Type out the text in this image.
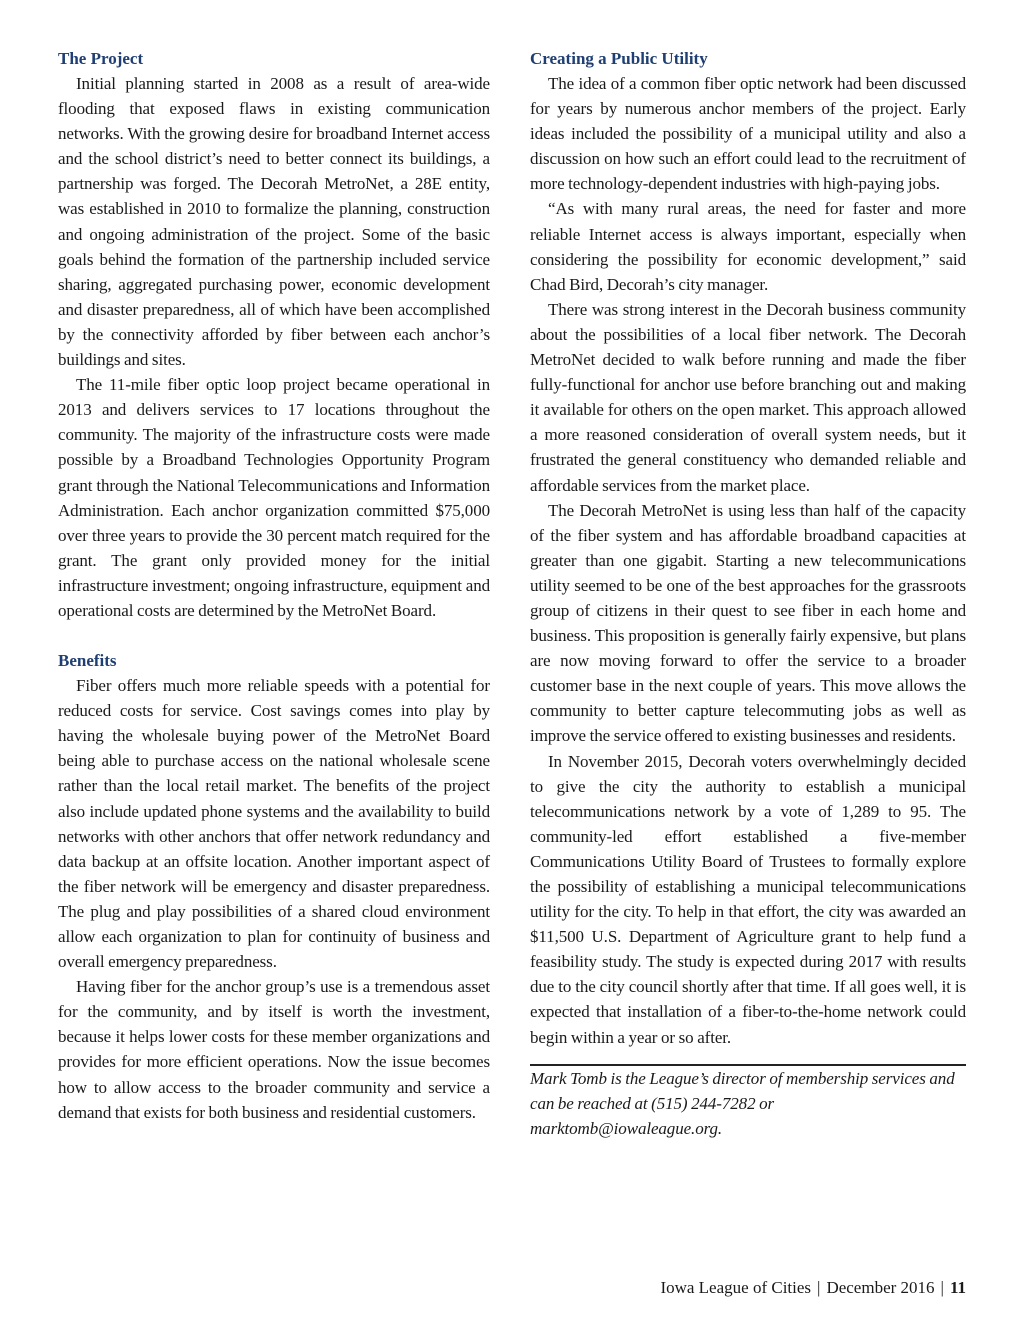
The Project

Initial planning started in 2008 as a result of area-wide flooding that exposed flaws in existing communication networks. With the growing desire for broadband Internet access and the school district’s need to better connect its buildings, a partnership was forged. The Decorah MetroNet, a 28E entity, was established in 2010 to formalize the planning, construction and ongoing administration of the project. Some of the basic goals behind the formation of the partnership included service sharing, aggregated purchasing power, economic development and disaster preparedness, all of which have been accomplished by the connectivity afforded by fiber between each anchor’s buildings and sites.

The 11-mile fiber optic loop project became operational in 2013 and delivers services to 17 locations throughout the community. The majority of the infrastructure costs were made possible by a Broadband Technologies Opportunity Program grant through the National Telecommunications and Information Administration. Each anchor organization committed $75,000 over three years to provide the 30 percent match required for the grant. The grant only provided money for the initial infrastructure investment; ongoing infrastructure, equipment and operational costs are determined by the MetroNet Board.

Benefits

Fiber offers much more reliable speeds with a potential for reduced costs for service. Cost savings comes into play by having the wholesale buying power of the MetroNet Board being able to purchase access on the national wholesale scene rather than the local retail market. The benefits of the project also include updated phone systems and the availability to build networks with other anchors that offer network redundancy and data backup at an offsite location. Another important aspect of the fiber network will be emergency and disaster preparedness. The plug and play possibilities of a shared cloud environment allow each organization to plan for continuity of business and overall emergency preparedness.

Having fiber for the anchor group’s use is a tremendous asset for the community, and by itself is worth the investment, because it helps lower costs for these member organizations and provides for more efficient operations. Now the issue becomes how to allow access to the broader community and service a demand that exists for both business and residential customers.

Creating a Public Utility

The idea of a common fiber optic network had been discussed for years by numerous anchor members of the project. Early ideas included the possibility of a municipal utility and also a discussion on how such an effort could lead to the recruitment of more technology-dependent industries with high-paying jobs.

“As with many rural areas, the need for faster and more reliable Internet access is always important, especially when considering the possibility for economic development,” said Chad Bird, Decorah’s city manager.

There was strong interest in the Decorah business community about the possibilities of a local fiber network. The Decorah MetroNet decided to walk before running and made the fiber fully-functional for anchor use before branching out and making it available for others on the open market. This approach allowed a more reasoned consideration of overall system needs, but it frustrated the general constituency who demanded reliable and affordable services from the market place.

The Decorah MetroNet is using less than half of the capacity of the fiber system and has affordable broadband capacities at greater than one gigabit. Starting a new telecommunications utility seemed to be one of the best approaches for the grassroots group of citizens in their quest to see fiber in each home and business. This proposition is generally fairly expensive, but plans are now moving forward to offer the service to a broader customer base in the next couple of years. This move allows the community to better capture telecommuting jobs as well as improve the service offered to existing businesses and residents.

In November 2015, Decorah voters overwhelmingly decided to give the city the authority to establish a municipal telecommunications network by a vote of 1,289 to 95. The community-led effort established a five-member Communications Utility Board of Trustees to formally explore the possibility of establishing a municipal telecommunications utility for the city. To help in that effort, the city was awarded an $11,500 U.S. Department of Agriculture grant to help fund a feasibility study. The study is expected during 2017 with results due to the city council shortly after that time. If all goes well, it is expected that installation of a fiber-to-the-home network could begin within a year or so after.

Mark Tomb is the League’s director of membership services and can be reached at (515) 244-7282 or marktomb@iowaleague.org.

Iowa League of Cities | December 2016 | 11
